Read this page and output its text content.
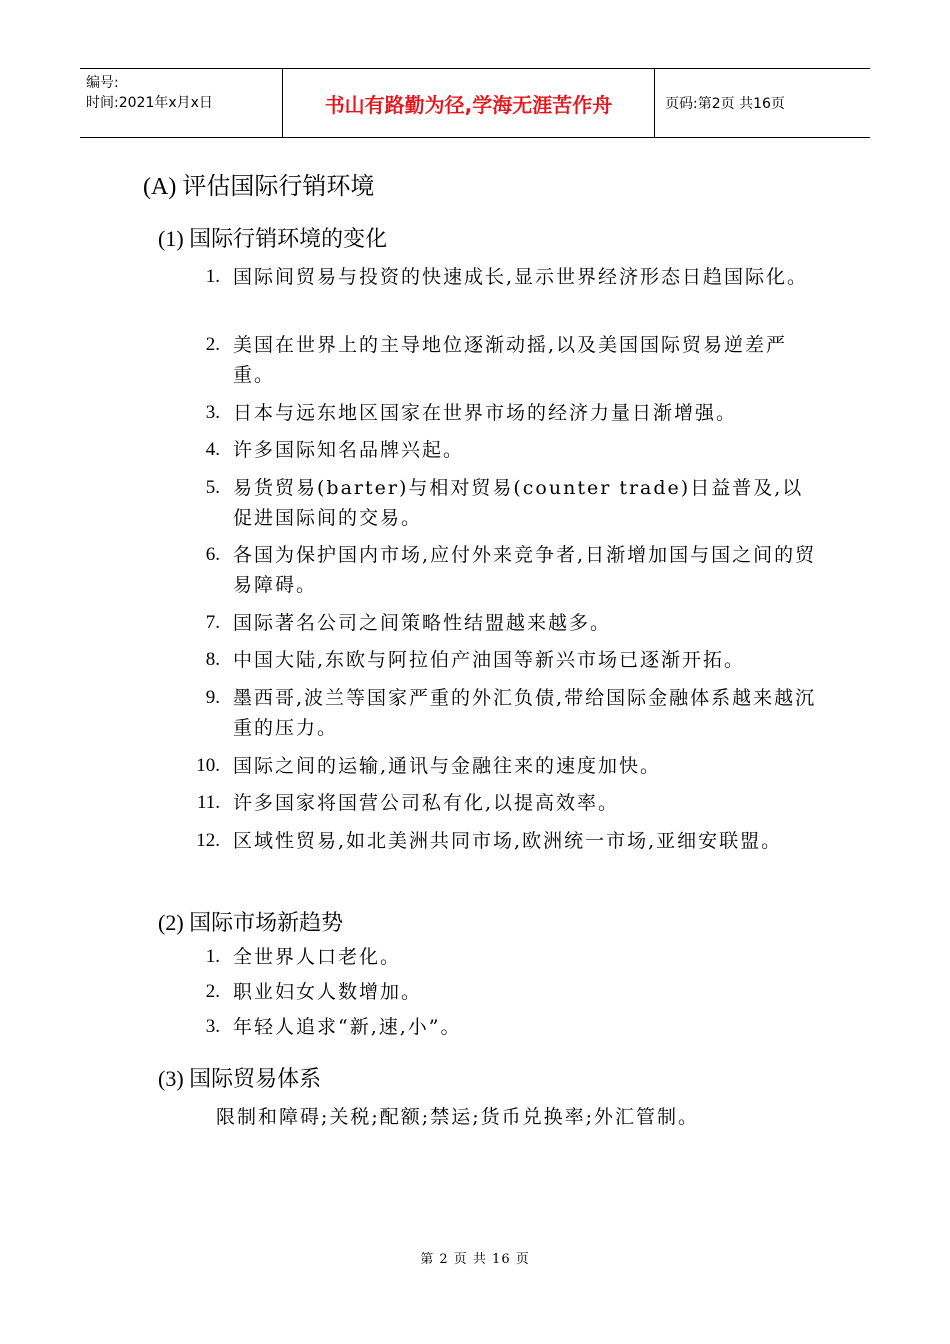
编号:
时间:2021年x月x日	书山有路勤为径,学海无涯苦作舟	页码:第2页 共16页
(A) 评估国际行销环境
(1) 国际行销环境的变化
1. 国际间贸易与投资的快速成长,显示世界经济形态日趋国际化。
2. 美国在世界上的主导地位逐渐动摇,以及美国国际贸易逆差严重。
3. 日本与远东地区国家在世界市场的经济力量日渐增强。
4. 许多国际知名品牌兴起。
5. 易货贸易(barter)与相对贸易(counter trade)日益普及,以促进国际间的交易。
6. 各国为保护国内市场,应付外来竞争者,日渐增加国与国之间的贸易障碍。
7. 国际著名公司之间策略性结盟越来越多。
8. 中国大陆,东欧与阿拉伯产油国等新兴市场已逐渐开拓。
9. 墨西哥,波兰等国家严重的外汇负债,带给国际金融体系越来越沉重的压力。
10. 国际之间的运输,通讯与金融往来的速度加快。
11. 许多国家将国营公司私有化,以提高效率。
12. 区域性贸易,如北美洲共同市场,欧洲统一市场,亚细安联盟。
(2) 国际市场新趋势
1. 全世界人口老化。
2. 职业妇女人数增加。
3. 年轻人追求“新,速,小”。
(3) 国际贸易体系
限制和障碍;关税;配额;禁运;货币兑换率;外汇管制。
第 2 页 共 16 页
